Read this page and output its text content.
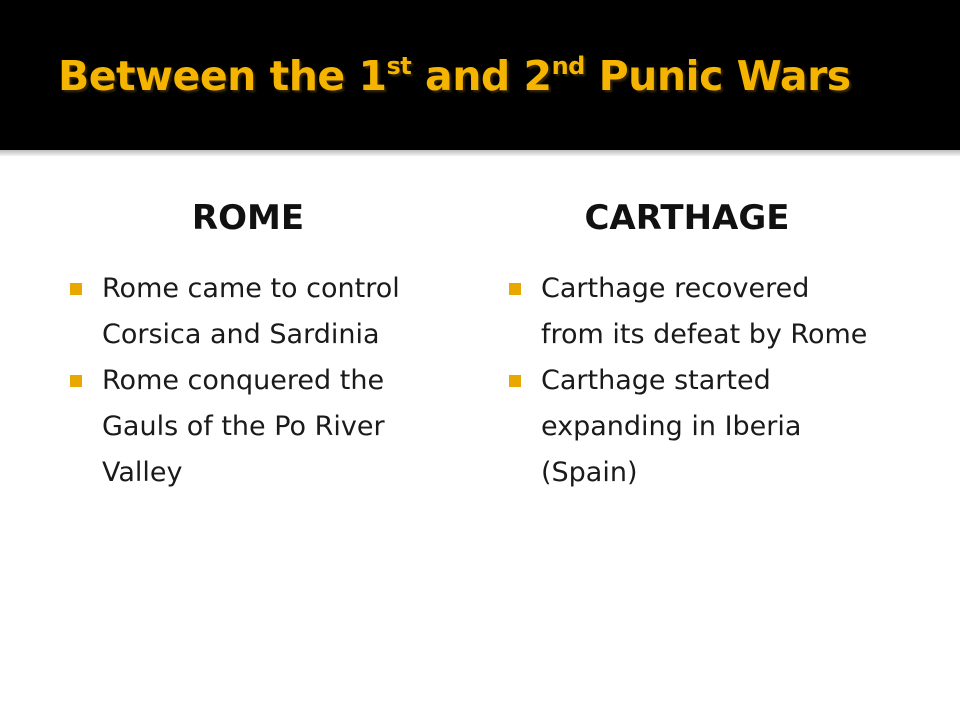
Between the 1st and 2nd Punic Wars
ROME
Rome came to control Corsica and Sardinia
Rome conquered the Gauls of the Po River Valley
CARTHAGE
Carthage recovered from its defeat by Rome
Carthage started expanding in Iberia (Spain)
